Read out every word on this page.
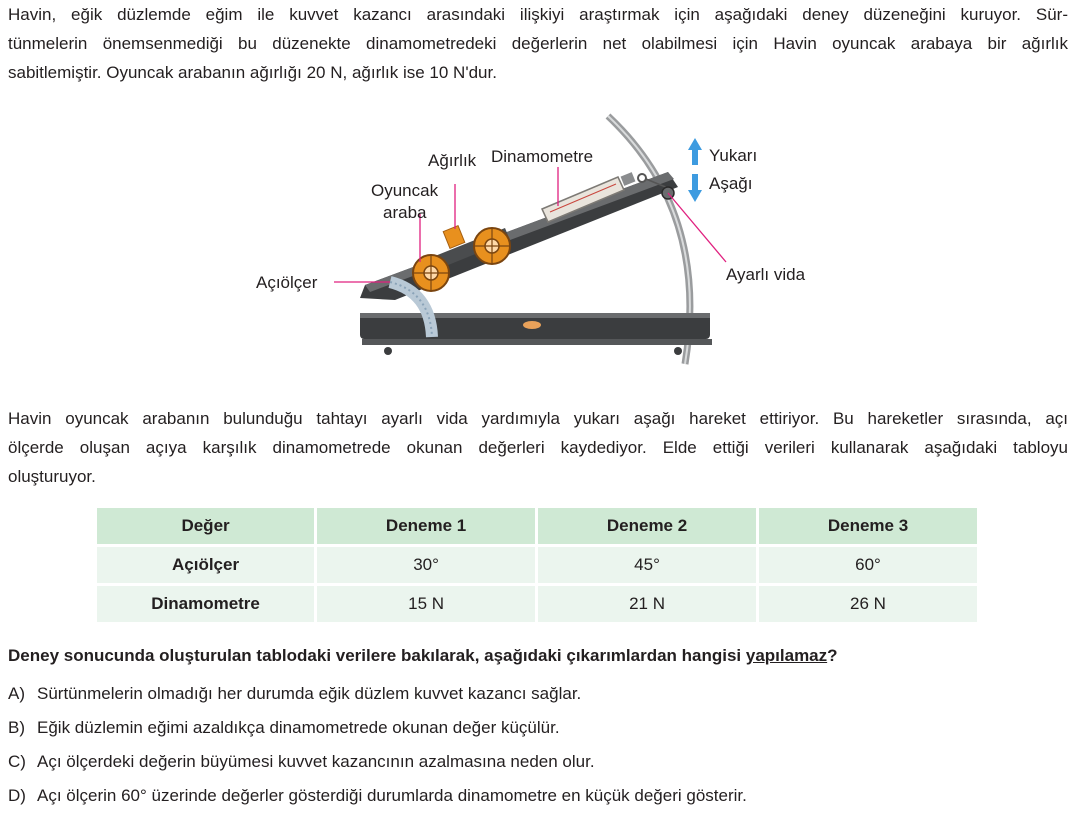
Havin, eğik düzlemde eğim ile kuvvet kazancı arasındaki ilişkiyi araştırmak için aşağıdaki deney düzeneğini kuruyor. Sür-
tünmelerin önemsenmediği bu düzenekte dinamometredeki değerlerin net olabilmesi için Havin oyuncak arabaya bir ağırlık
sabitlemiştir. Oyuncak arabanın ağırlığı 20 N, ağırlık ise 10 N'dur.
Ağırlık Dinamometre
Oyuncak
araba
Açıölçer
Yukarı
Aşağı
Ayarlı vida
Havin oyuncak arabanın bulunduğu tahtayı ayarlı vida yardımıyla yukarı aşağı hareket ettiriyor. Bu hareketler sırasında, açı
ölçerde oluşan açıya karşılık dinamometrede okunan değerleri kaydediyor. Elde ettiği verileri kullanarak aşağıdaki tabloyu
oluşturuyor.
Değer	Deneme 1	Deneme 2	Deneme 3
Açıölçer	30°	45°	60°
Dinamometre	15 N	21 N	26 N
Deney sonucunda oluşturulan tablodaki verilere bakılarak, aşağıdaki çıkarımlardan hangisi yapılamaz?
A) Sürtünmelerin olmadığı her durumda eğik düzlem kuvvet kazancı sağlar.
B) Eğik düzlemin eğimi azaldıkça dinamometrede okunan değer küçülür.
C) Açı ölçerdeki değerin büyümesi kuvvet kazancının azalmasına neden olur.
D) Açı ölçerin 60° üzerinde değerler gösterdiği durumlarda dinamometre en küçük değeri gösterir.
